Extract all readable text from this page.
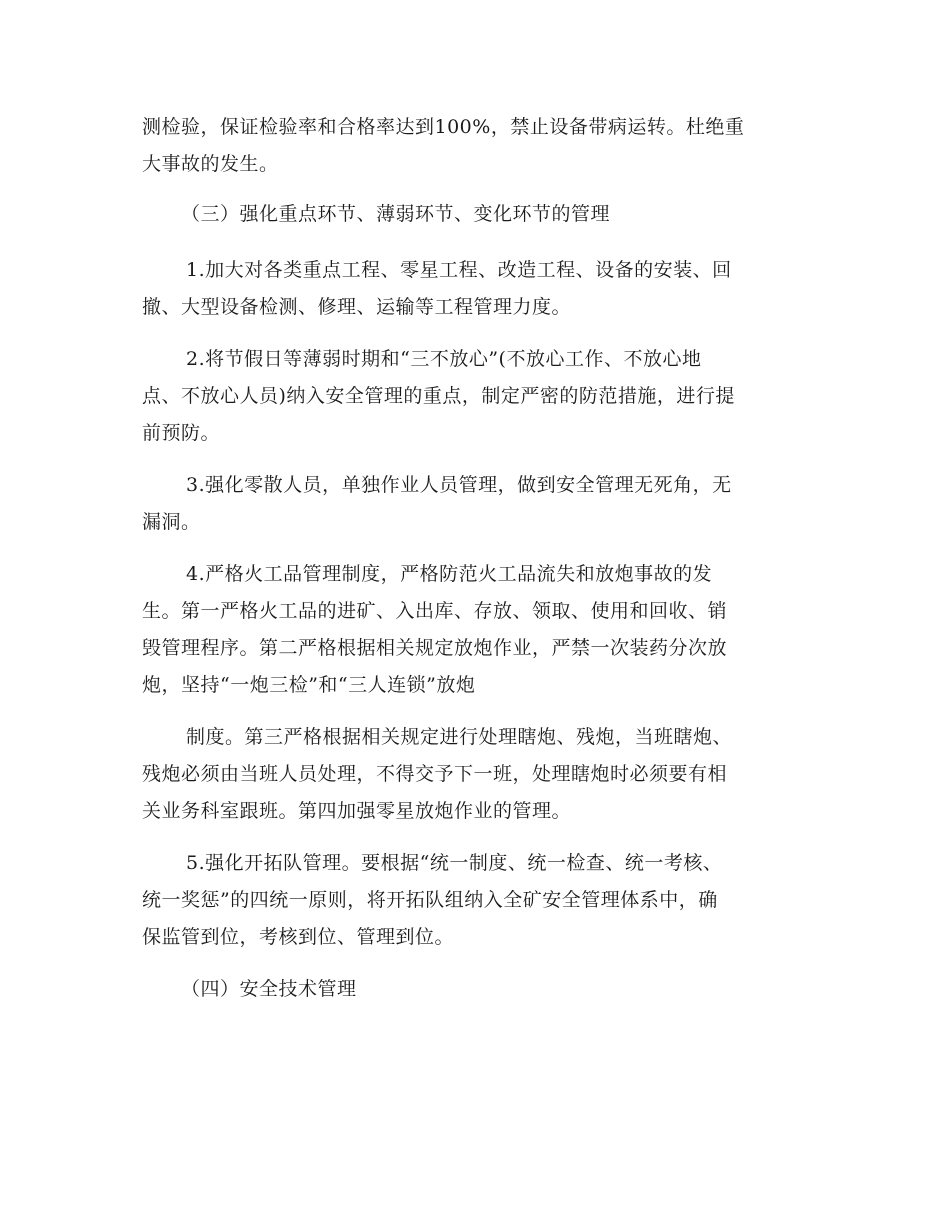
测检验，保证检验率和合格率达到100%，禁止设备带病运转。杜绝重

大事故的发生。

（三）强化重点环节、薄弱环节、变化环节的管理

1.加大对各类重点工程、零星工程、改造工程、设备的安装、回

撤、大型设备检测、修理、运输等工程管理力度。

2.将节假日等薄弱时期和“三不放心”(不放心工作、不放心地

点、不放心人员)纳入安全管理的重点，制定严密的防范措施，进行提

前预防。

3.强化零散人员，单独作业人员管理，做到安全管理无死角，无

漏洞。

4.严格火工品管理制度，严格防范火工品流失和放炮事故的发

生。第一严格火工品的进矿、入出库、存放、领取、使用和回收、销

毁管理程序。第二严格根据相关规定放炮作业，严禁一次装药分次放

炮，坚持“一炮三检”和“三人连锁”放炮

制度。第三严格根据相关规定进行处理瞎炮、残炮，当班瞎炮、

残炮必须由当班人员处理，不得交予下一班，处理瞎炮时必须要有相

关业务科室跟班。第四加强零星放炮作业的管理。

5.强化开拓队管理。要根据“统一制度、统一检查、统一考核、

统一奖惩”的四统一原则，将开拓队组纳入全矿安全管理体系中，确

保监管到位，考核到位、管理到位。

（四）安全技术管理
